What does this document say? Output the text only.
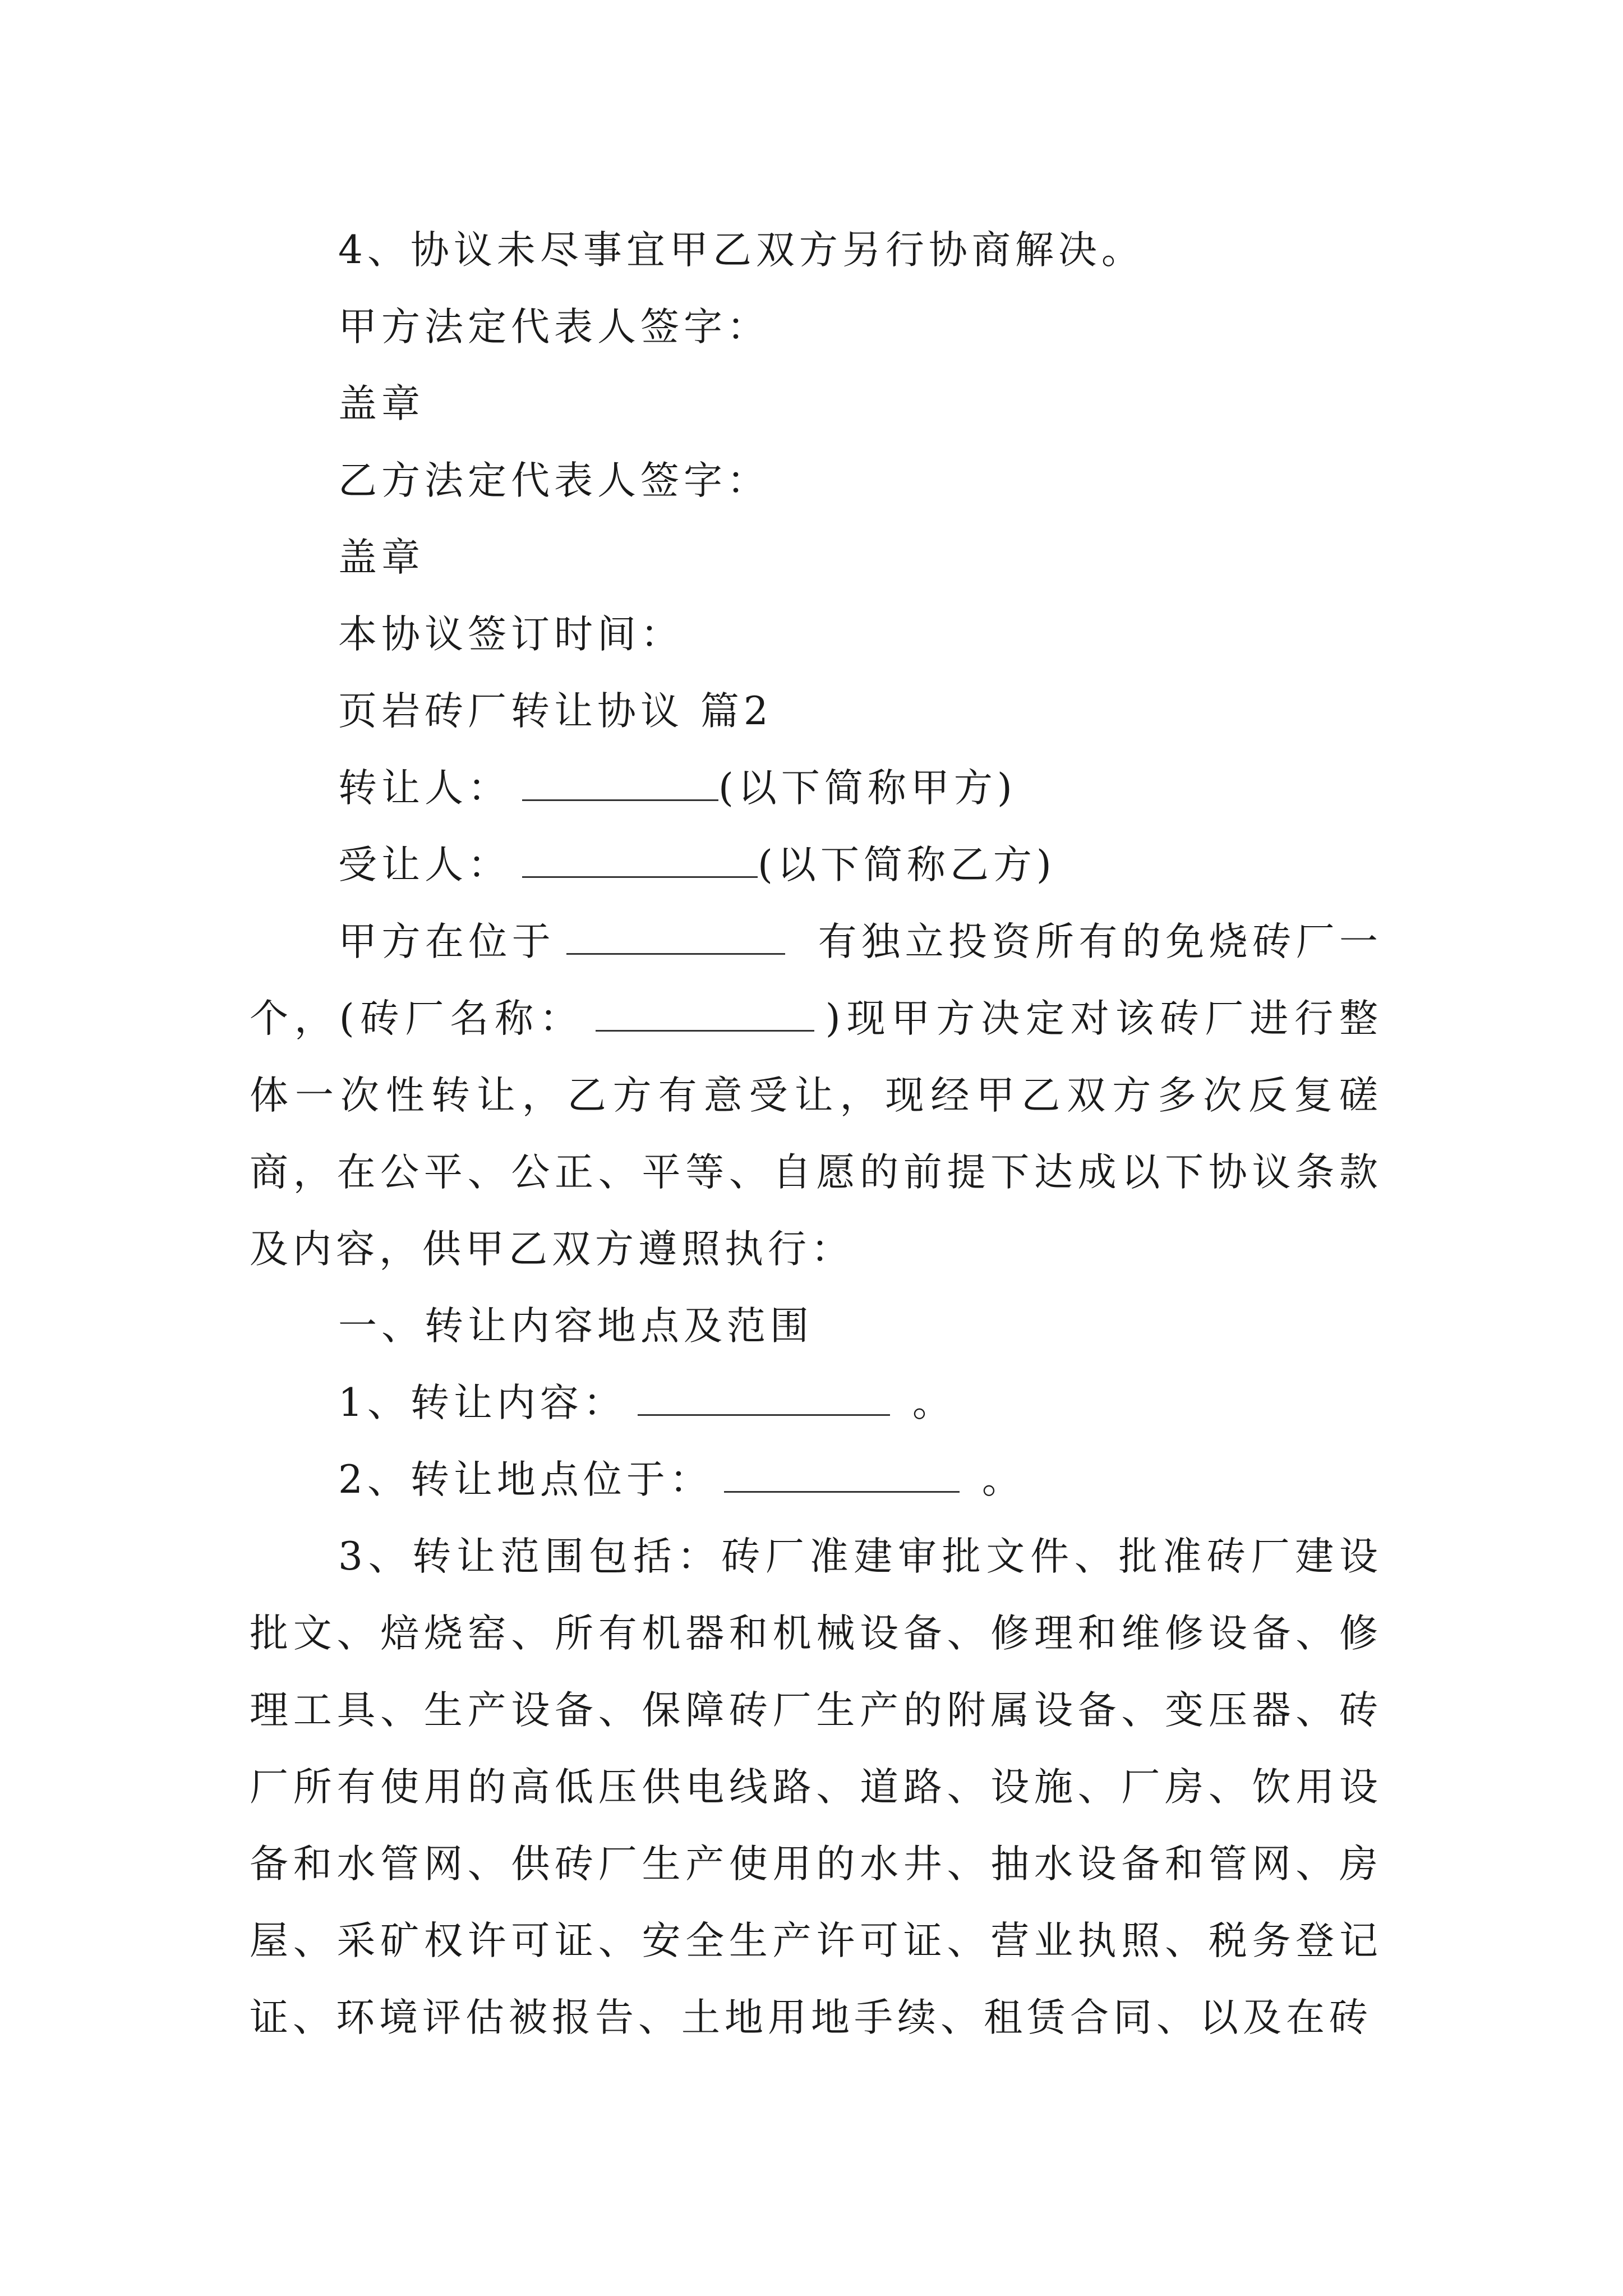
4、协议未尽事宜甲乙双方另行协商解决。

甲方法定代表人签字：

盖章

乙方法定代表人签字：

盖章

本协议签订时间：

页岩砖厂转让协议 篇2

转让人：	(以下简称甲方)

受让人：	(以下简称乙方)

甲方在位于	有独立投资所有的免烧砖厂一个，(砖厂名称：	)现甲方决定对该砖厂进行整体一次性转让，乙方有意受让，现经甲乙双方多次反复磋商，在公平、公正、平等、自愿的前提下达成以下协议条款及内容，供甲乙双方遵照执行：

一、转让内容地点及范围

1、转让内容：	。

2、转让地点位于：	。

3、转让范围包括：砖厂准建审批文件、批准砖厂建设批文、焙烧窑、所有机器和机械设备、修理和维修设备、修理工具、生产设备、保障砖厂生产的附属设备、变压器、砖厂所有使用的高低压供电线路、道路、设施、厂房、饮用设备和水管网、供砖厂生产使用的水井、抽水设备和管网、房屋、采矿权许可证、安全生产许可证、营业执照、税务登记证、环境评估被报告、土地用地手续、租赁合同、以及在砖
